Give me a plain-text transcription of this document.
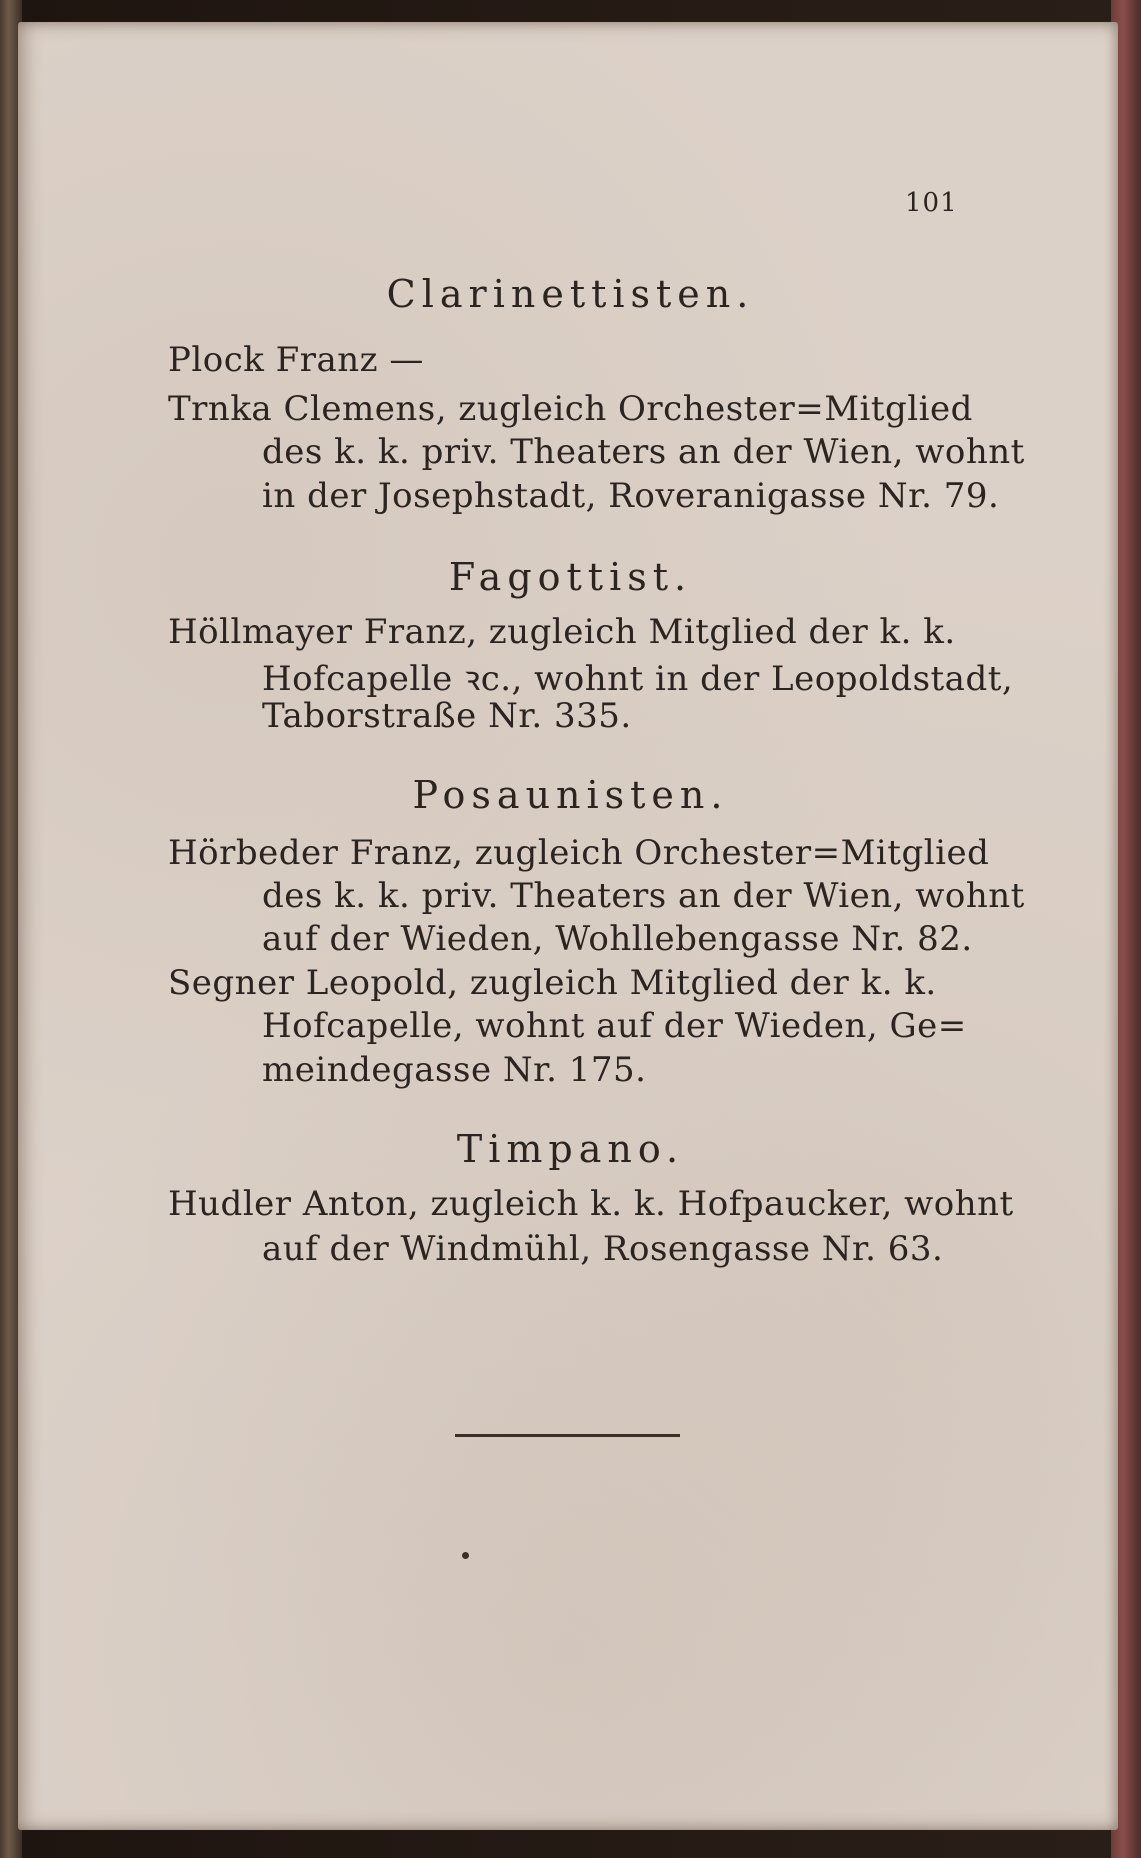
101
Clarinettisten.
Plock Franz —
Trnka Clemens, zugleich Orchester=Mitglied
des k. k. priv. Theaters an der Wien, wohnt
in der Josephstadt, Roveranigasse Nr. 79.
Fagottist.
Höllmayer Franz, zugleich Mitglied der k. k.
Hofcapelle ꝛc., wohnt in der Leopoldstadt,
Taborstraße Nr. 335.
Posaunisten.
Hörbeder Franz, zugleich Orchester=Mitglied
des k. k. priv. Theaters an der Wien, wohnt
auf der Wieden, Wohllebengasse Nr. 82.
Segner Leopold, zugleich Mitglied der k. k.
Hofcapelle, wohnt auf der Wieden, Ge=
meindegasse Nr. 175.
Timpano.
Hudler Anton, zugleich k. k. Hofpaucker, wohnt
auf der Windmühl, Rosengasse Nr. 63.
